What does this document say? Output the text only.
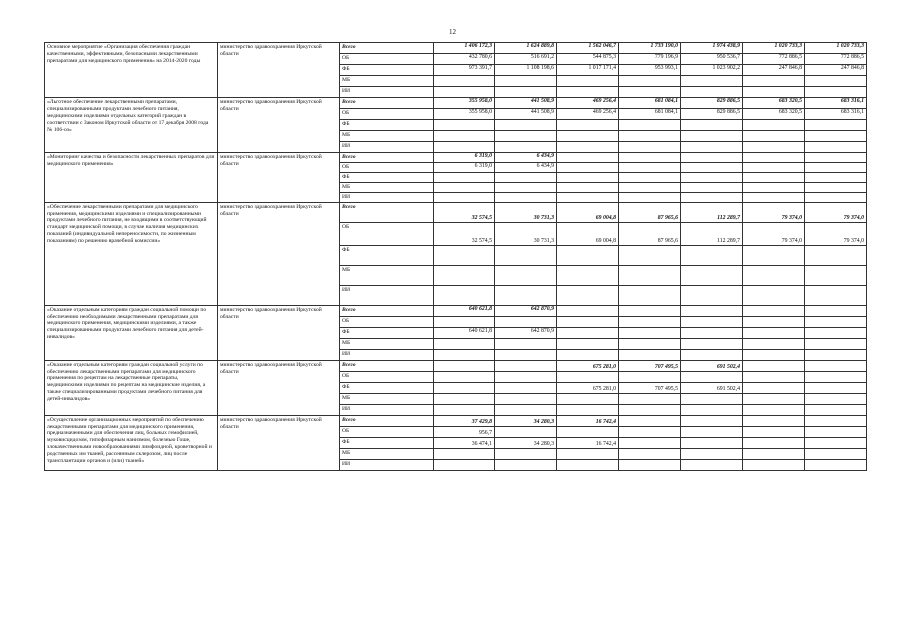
12
Основное мероприятие «Организация обеспечения граждан качественными, эффективными, безопасными лекарственными препаратами для медицинского применения» на 2014-2020 годы	министерство здравоохранения Иркутской области	Всего	1 406 172,3	1 624 889,8	1 562 046,7	1 733 190,0	1 974 438,9	1 020 733,3	1 020 733,3
		ОБ	432 780,6	516 691,2	544 875,3	779 196,9	950 536,7	772 886,5	772 886,5
		ФБ	973 391,7	1 108 198,6	1 017 171,4	953 993,1	1 023 902,2	247 846,8	247 846,8
		МБ							
		ИИ							
«Льготное обеспечение лекарственными препаратами, специализированными продуктами лечебного питания, медицинскими изделиями отдельных категорий граждан в соответствии с Законом Иркутской области от 17 декабря 2008 года № 106-оз»	министерство здравоохранения Иркутской области	Всего	355 958,0	441 508,9	469 256,4	681 084,1	829 886,5	683 320,5	683 316,1
		ОБ	355 958,0	441 508,9	469 256,4	681 084,1	829 886,5	683 320,5	683 316,1
		ФБ							
		МБ							
		ИИ							
«Мониторинг качества и безопасности лекарственных препаратов для медицинского применения»	министерство здравоохранения Иркутской области	Всего	6 319,0	6 434,9					
		ОБ	6 319,0	6 434,9					
		ФБ							
		МБ							
		ИИ							
«Обеспечение лекарственными препаратами для медицинского применения, медицинскими изделиями и специализированными продуктами лечебного питания, не входящими в соответствующий стандарт медицинской помощи, в случае наличия медицинских показаний (индивидуальной непереносимости, по жизненным показаниям) по решению врачебной комиссии»	министерство здравоохранения Иркутской области	Всего	32 574,5	30 731,3	69 004,8	87 965,6	112 289,7	79 374,0	79 374,0
		ОБ	32 574,5	30 731,3	69 004,8	87 965,6	112 289,7	79 374,0	79 374,0
		ФБ							
		МБ							
		ИИ							
«Оказание отдельным категориям граждан социальной помощи по обеспечению необходимыми лекарственными препаратами для медицинского применения, медицинскими изделиями, а также специализированными продуктами лечебного питания для детей-инвалидов»	министерство здравоохранения Иркутской области	Всего	640 621,8	642 870,9					
		ОБ							
		ФБ	640 621,8	642 870,9					
		МБ							
		ИИ							
«Оказание отдельным категориям граждан социальной услуги по обеспечению лекарственными препаратами для медицинского применения по рецептам на лекарственные препараты, медицинскими изделиями по рецептам на медицинские изделия, а также специализированными продуктами лечебного питания для детей-инвалидов»	министерство здравоохранения Иркутской области	Всего			675 281,0	707 495,5	691 502,4		
		ОБ							
		ФБ			675 281,0	707 495,5	691 502,4		
		МБ							
		ИИ							
«Осуществление организационных мероприятий по обеспечению лекарственными препаратами для медицинского применения, предназначенными для обеспечения лиц, больных гемофилией, муковисцидозом, гипофизарным нанизмом, болезнью Гоше, злокачественными новообразованиями лимфоидной, кроветворной и родственных им тканей, рассеянным склерозом, лиц после трансплантации органов и (или) тканей»	министерство здравоохранения Иркутской области	Всего	37 429,8	34 280,3	16 742,4				
		ОБ	956,7						
		ФБ	36 474,1	34 280,3	16 742,4				
		МБ							
		ИИ							
